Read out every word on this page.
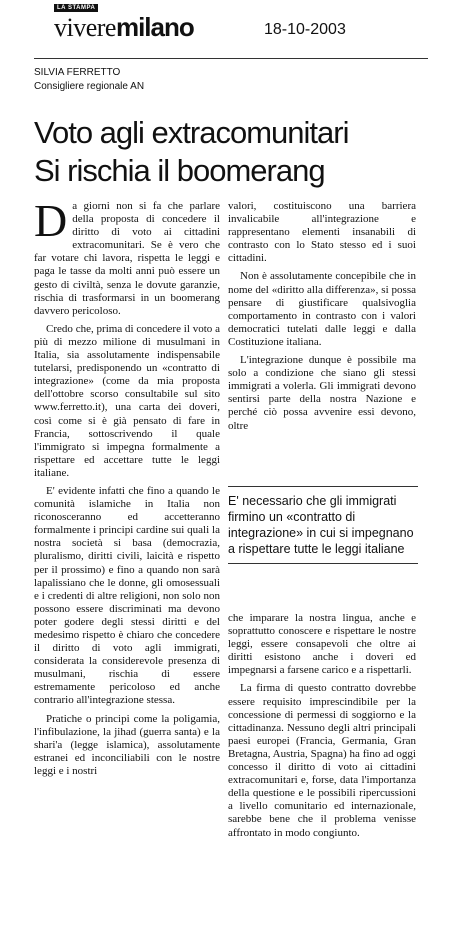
LA STAMPA
viveremilano	18-10-2003
SILVIA FERRETTO
Consigliere regionale AN
Voto agli extracomunitari
Si rischia il boomerang

Da giorni non si fa che parlare della proposta di concedere il diritto di voto ai cittadini extracomunitari. Se è vero che far votare chi lavora, rispetta le leggi e paga le tasse da molti anni può essere un gesto di civiltà, senza le dovute garanzie, rischia di trasformarsi in un boomerang davvero pericoloso.

Credo che, prima di concedere il voto a più di mezzo milione di musulmani in Italia, sia assolutamente indispensabile tutelarsi, predisponendo un «contratto di integrazione» (come da mia proposta dell'ottobre scorso consultabile sul sito www.ferretto.it), una carta dei doveri, così come si è già pensato di fare in Francia, sottoscrivendo il quale l'immigrato si impegna formalmente a rispettare ed accettare tutte le leggi italiane.

E' evidente infatti che fino a quando le comunità islamiche in Italia non riconosceranno ed accetteranno formalmente i principi cardine sui quali la nostra società si basa (democrazia, pluralismo, diritti civili, laicità e rispetto per il prossimo) e fino a quando non sarà lapalissiano che le donne, gli omosessuali e i credenti di altre religioni, non solo non possono essere discriminati ma devono poter godere degli stessi diritti e del medesimo rispetto è chiaro che concedere il diritto di voto agli immigrati, considerata la considerevole presenza di musulmani, rischia di essere estremamente pericoloso ed anche contrario all'integrazione stessa.

Pratiche o principi come la poligamia, l'infibulazione, la jihad (guerra santa) e la shari'a (legge islamica), assolutamente estranei ed inconciliabili con le nostre leggi e i nostri

valori, costituiscono una barriera invalicabile all'integrazione e rappresentano elementi insanabili di contrasto con lo Stato stesso ed i suoi cittadini.

Non è assolutamente concepibile che in nome del «diritto alla differenza», si possa pensare di giustificare qualsivoglia comportamento in contrasto con i valori democratici tutelati dalle leggi e dalla Costituzione italiana.

L'integrazione dunque è possibile ma solo a condizione che siano gli stessi immigrati a volerla. Gli immigrati devono sentirsi parte della nostra Nazione e perché ciò possa avvenire essi devono, oltre

E' necessario che gli immigrati firmino un «contratto di integrazione» in cui si impegnano a rispettare tutte le leggi italiane

che imparare la nostra lingua, anche e soprattutto conoscere e rispettare le nostre leggi, essere consapevoli che oltre ai diritti esistono anche i doveri ed impegnarsi a farsene carico e a rispettarli.

La firma di questo contratto dovrebbe essere requisito imprescindibile per la concessione di permessi di soggiorno e la cittadinanza. Nessuno degli altri principali paesi europei (Francia, Germania, Gran Bretagna, Austria, Spagna) ha fino ad oggi concesso il diritto di voto ai cittadini extracomunitari e, forse, data l'importanza della questione e le possibili ripercussioni a livello comunitario ed internazionale, sarebbe bene che il problema venisse affrontato in modo congiunto.
